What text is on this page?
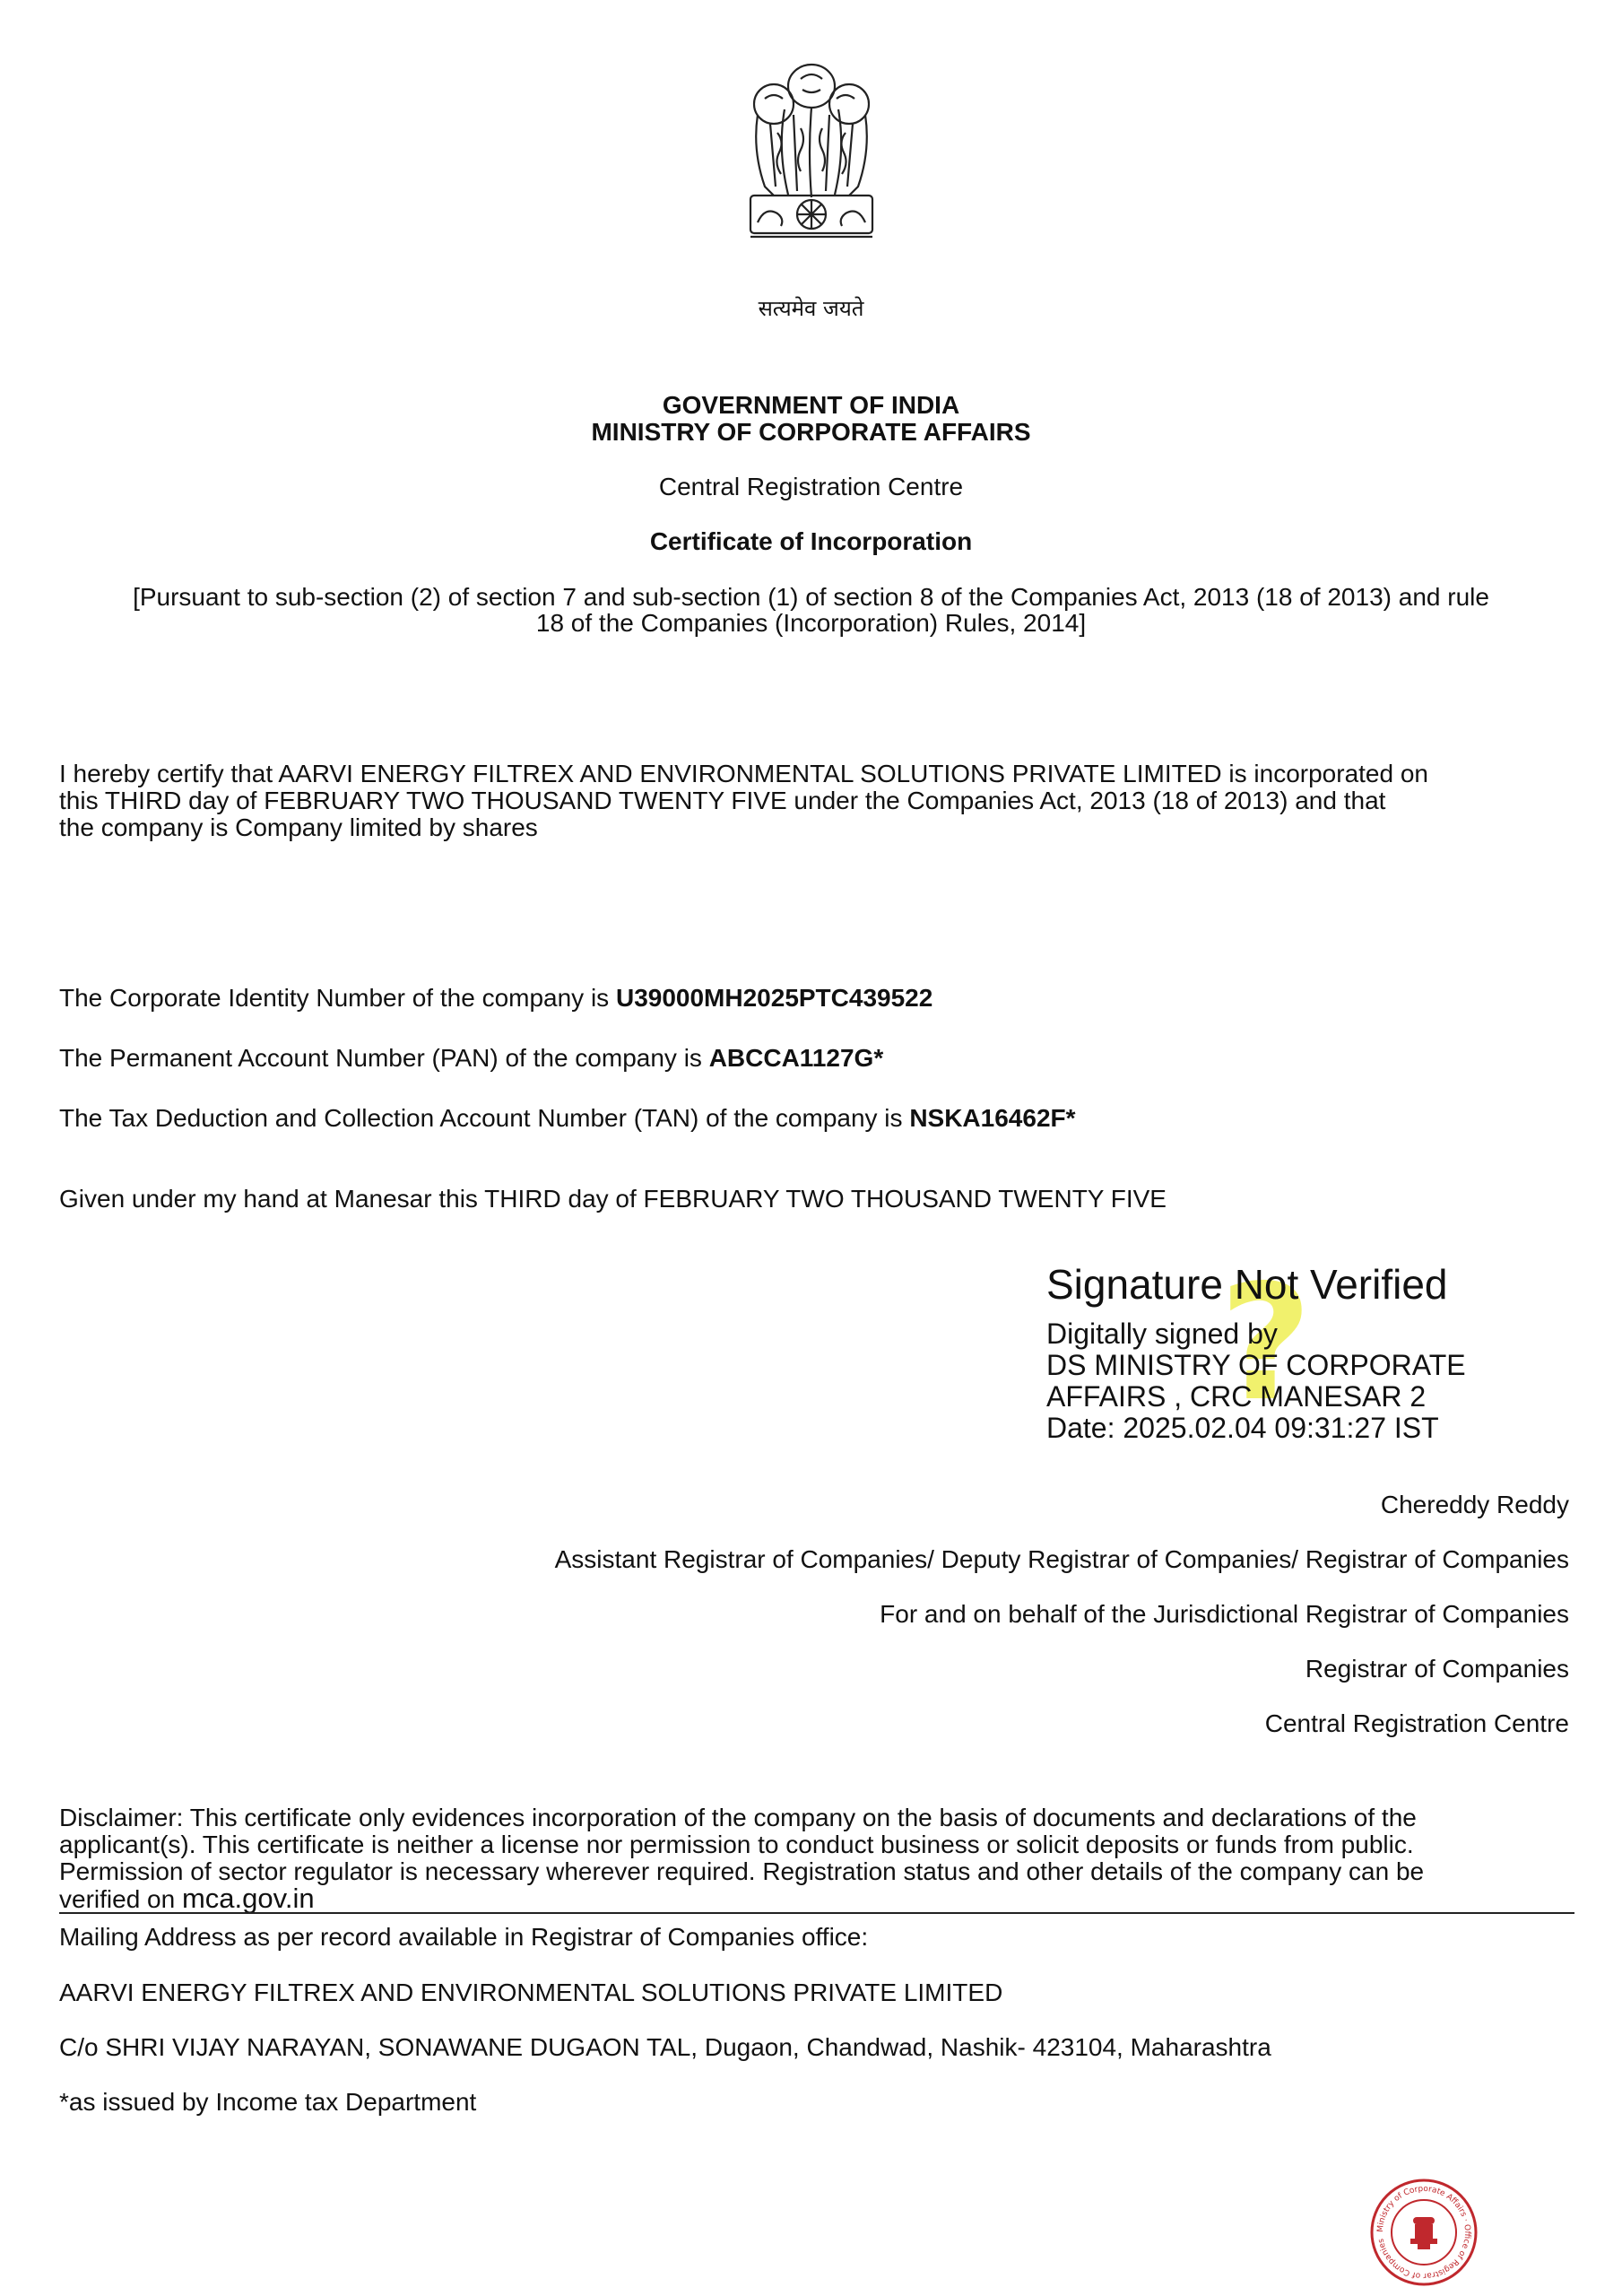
सत्यमेव जयते
GOVERNMENT OF INDIA
MINISTRY OF CORPORATE AFFAIRS
Central Registration Centre
Certificate of Incorporation
[Pursuant to sub-section (2) of section 7 and sub-section (1) of section 8 of the Companies Act, 2013 (18 of 2013) and rule
18 of the Companies (Incorporation) Rules, 2014]
I hereby certify that AARVI ENERGY FILTREX AND ENVIRONMENTAL SOLUTIONS PRIVATE LIMITED is incorporated on
this THIRD day of FEBRUARY TWO THOUSAND TWENTY FIVE under the Companies Act, 2013 (18 of 2013) and that
the company is Company limited by shares
The Corporate Identity Number of the company is U39000MH2025PTC439522
The Permanent Account Number (PAN) of the company is ABCCA1127G*
The Tax Deduction and Collection Account Number (TAN) of the company is NSKA16462F*
Given under my hand at Manesar this THIRD day of FEBRUARY TWO THOUSAND TWENTY FIVE
?
Signature Not Verified
Digitally signed by
DS MINISTRY OF CORPORATE
AFFAIRS , CRC MANESAR 2
Date: 2025.02.04 09:31:27 IST
Chereddy Reddy
Assistant Registrar of Companies/ Deputy Registrar of Companies/ Registrar of Companies
For and on behalf of the Jurisdictional Registrar of Companies
Registrar of Companies
Central Registration Centre
Disclaimer: This certificate only evidences incorporation of the company on the basis of documents and declarations of the
applicant(s). This certificate is neither a license nor permission to conduct business or solicit deposits or funds from public.
Permission of sector regulator is necessary wherever required. Registration status and other details of the company can be
verified on mca.gov.in
Mailing Address as per record available in Registrar of Companies office:
AARVI ENERGY FILTREX AND ENVIRONMENTAL SOLUTIONS PRIVATE LIMITED
C/o SHRI VIJAY NARAYAN, SONAWANE DUGAON TAL, Dugaon, Chandwad, Nashik- 423104, Maharashtra
*as issued by Income tax Department
Ministry of Corporate Affairs · Office of Registrar of Companies
